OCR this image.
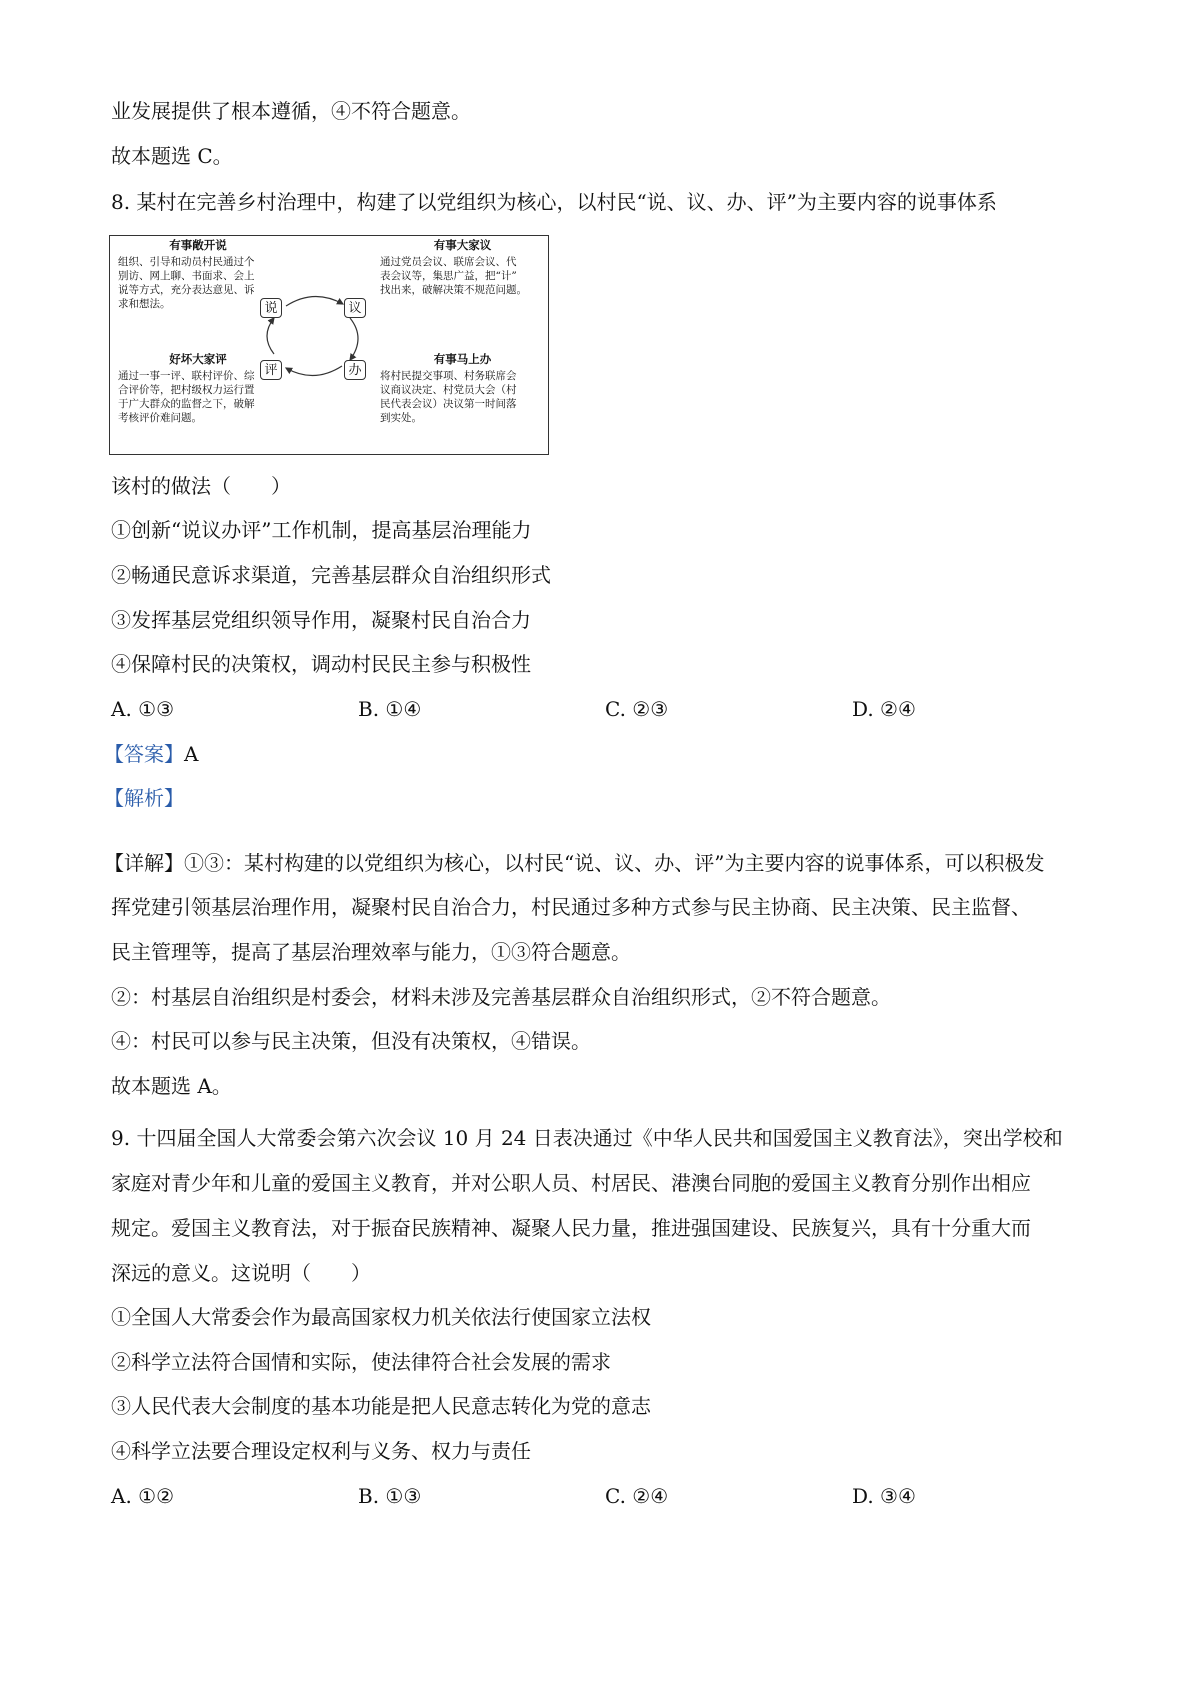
业发展提供了根本遵循，④不符合题意。
故本题选 C。
8. 某村在完善乡村治理中，构建了以党组织为核心，以村民“说、议、办、评”为主要内容的说事体系
有事敞开说
组织、引导和动员村民通过个
别访、网上聊、书面求、会上
说等方式，充分表达意见、诉
求和想法。
有事大家议
通过党员会议、联席会议、代
表会议等，集思广益，把“计”
找出来，破解决策不规范问题。
好坏大家评
通过一事一评、联村评价、综
合评价等，把村级权力运行置
于广大群众的监督之下，破解
考核评价难问题。
有事马上办
将村民提交事项、村务联席会
议商议决定、村党员大会（村
民代表会议）决议第一时间落
到实处。
说	议
办
评
该村的做法（　　）
①创新“说议办评”工作机制，提高基层治理能力
②畅通民意诉求渠道，完善基层群众自治组织形式
③发挥基层党组织领导作用，凝聚村民自治合力
④保障村民的决策权，调动村民民主参与积极性
A. ①③	B. ①④	C. ②③	D. ②④
【答案】A
【解析】
【详解】①③：某村构建的以党组织为核心，以村民“说、议、办、评”为主要内容的说事体系，可以积极发
挥党建引领基层治理作用，凝聚村民自治合力，村民通过多种方式参与民主协商、民主决策、民主监督、
民主管理等，提高了基层治理效率与能力，①③符合题意。
②：村基层自治组织是村委会，材料未涉及完善基层群众自治组织形式，②不符合题意。
④：村民可以参与民主决策，但没有决策权，④错误。
故本题选 A。
9. 十四届全国人大常委会第六次会议 10 月 24 日表决通过《中华人民共和国爱国主义教育法》，突出学校和
家庭对青少年和儿童的爱国主义教育，并对公职人员、村居民、港澳台同胞的爱国主义教育分别作出相应
规定。爱国主义教育法，对于振奋民族精神、凝聚人民力量，推进强国建设、民族复兴，具有十分重大而
深远的意义。这说明（　　）
①全国人大常委会作为最高国家权力机关依法行使国家立法权
②科学立法符合国情和实际，使法律符合社会发展的需求
③人民代表大会制度的基本功能是把人民意志转化为党的意志
④科学立法要合理设定权利与义务、权力与责任
A. ①②	B. ①③	C. ②④	D. ③④
